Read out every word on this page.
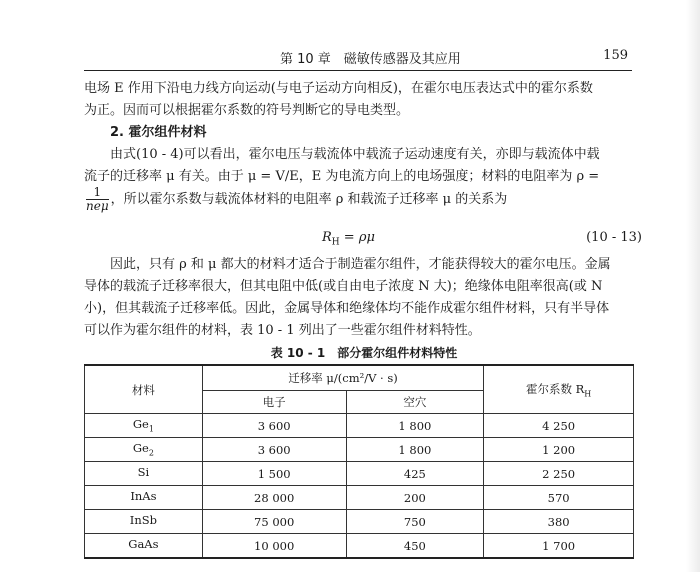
第 10 章　磁敏传感器及其应用	159

电场 E 作用下沿电力线方向运动(与电子运动方向相反)，在霍尔电压表达式中的霍尔系数

为正。因而可以根据霍尔系数的符号判断它的导电类型。

2. 霍尔组件材料

由式(10 - 4)可以看出，霍尔电压与载流体中载流子运动速度有关，亦即与载流体中载

流子的迁移率 μ 有关。由于 μ = V/E，E 为电流方向上的电场强度；材料的电阻率为 ρ =

$\frac{1}{\text{neμ}}$ ，所以霍尔系数与载流体材料的电阻率 ρ 和载流子迁移率 μ 的关系为
$R_H = \rho\mu$	(10 - 13)

因此，只有 ρ 和 μ 都大的材料才适合于制造霍尔组件，才能获得较大的霍尔电压。金属

导体的载流子迁移率很大，但其电阻中低(或自由电子浓度 N 大)；绝缘体电阻率很高(或 N

小)，但其载流子迁移率低。因此，金属导体和绝缘体均不能作成霍尔组件材料，只有半导体

可以作为霍尔组件的材料，表 10 - 1 列出了一些霍尔组件材料特性。

表 10 - 1　部分霍尔组件材料特性
材料	迁移率 μ/(cm²/V · s)		霍尔系数 $R_H$
	电子	空穴	
$Ge_1$	3 600	1 800	4 250
$Ge_2$	3 600	1 800	1 200
Si	1 500	425	2 250
InAs	28 000	200	570
InSb	75 000	750	380
GaAs	10 000	450	1 700
